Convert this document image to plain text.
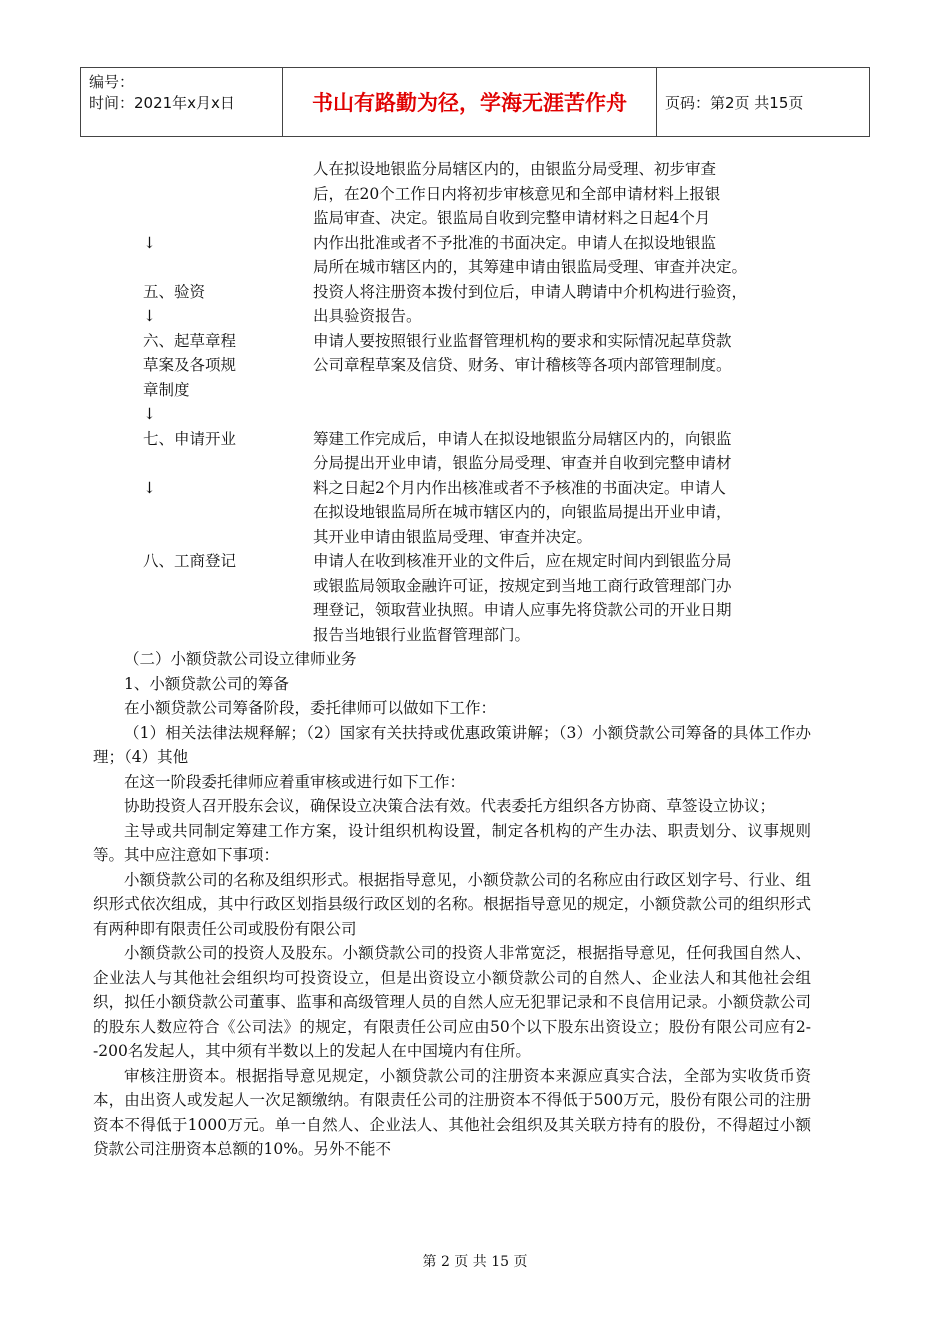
编号：
时间：2021年x月x日	书山有路勤为径，学海无涯苦作舟	页码：第2页 共15页
人在拟设地银监分局辖区内的，由银监分局受理、初步审查
后，在20个工作日内将初步审核意见和全部申请材料上报银
监局审查、决定。银监局自收到完整申请材料之日起4个月
↓	内作出批准或者不予批准的书面决定。申请人在拟设地银监
局所在城市辖区内的，其筹建申请由银监局受理、审查并决定。
五、验资	投资人将注册资本拨付到位后，申请人聘请中介机构进行验资，
↓	出具验资报告。
六、起草章程	申请人要按照银行业监督管理机构的要求和实际情况起草贷款
草案及各项规	公司章程草案及信贷、财务、审计稽核等各项内部管理制度。
章制度
↓
七、申请开业	筹建工作完成后，申请人在拟设地银监分局辖区内的，向银监
分局提出开业申请，银监分局受理、审查并自收到完整申请材
↓	料之日起2个月内作出核准或者不予核准的书面决定。申请人
在拟设地银监局所在城市辖区内的，向银监局提出开业申请，
其开业申请由银监局受理、审查并决定。
八、工商登记	申请人在收到核准开业的文件后，应在规定时间内到银监分局
或银监局领取金融许可证，按规定到当地工商行政管理部门办
理登记，领取营业执照。申请人应事先将贷款公司的开业日期
报告当地银行业监督管理部门。

（二）小额贷款公司设立律师业务

1、小额贷款公司的筹备

在小额贷款公司筹备阶段，委托律师可以做如下工作：

（1）相关法律法规释解；（2）国家有关扶持或优惠政策讲解；（3）小额贷款公司筹备的具体工作办理；（4）其他

在这一阶段委托律师应着重审核或进行如下工作：

协助投资人召开股东会议，确保设立决策合法有效。代表委托方组织各方协商、草签设立协议；

主导或共同制定筹建工作方案，设计组织机构设置，制定各机构的产生办法、职责划分、议事规则等。其中应注意如下事项：

小额贷款公司的名称及组织形式。根据指导意见，小额贷款公司的名称应由行政区划字号、行业、组织形式依次组成，其中行政区划指县级行政区划的名称。根据指导意见的规定，小额贷款公司的组织形式有两种即有限责任公司或股份有限公司

小额贷款公司的投资人及股东。小额贷款公司的投资人非常宽泛，根据指导意见，任何我国自然人、企业法人与其他社会组织均可投资设立，但是出资设立小额贷款公司的自然人、企业法人和其他社会组织，拟任小额贷款公司董事、监事和高级管理人员的自然人应无犯罪记录和不良信用记录。小额贷款公司的股东人数应符合《公司法》的规定，有限责任公司应由50个以下股东出资设立；股份有限公司应有2--200名发起人，其中须有半数以上的发起人在中国境内有住所。

审核注册资本。根据指导意见规定，小额贷款公司的注册资本来源应真实合法，全部为实收货币资本，由出资人或发起人一次足额缴纳。有限责任公司的注册资本不得低于500万元，股份有限公司的注册资本不得低于1000万元。单一自然人、企业法人、其他社会组织及其关联方持有的股份，不得超过小额贷款公司注册资本总额的10%。另外不能不

第 2 页 共 15 页
